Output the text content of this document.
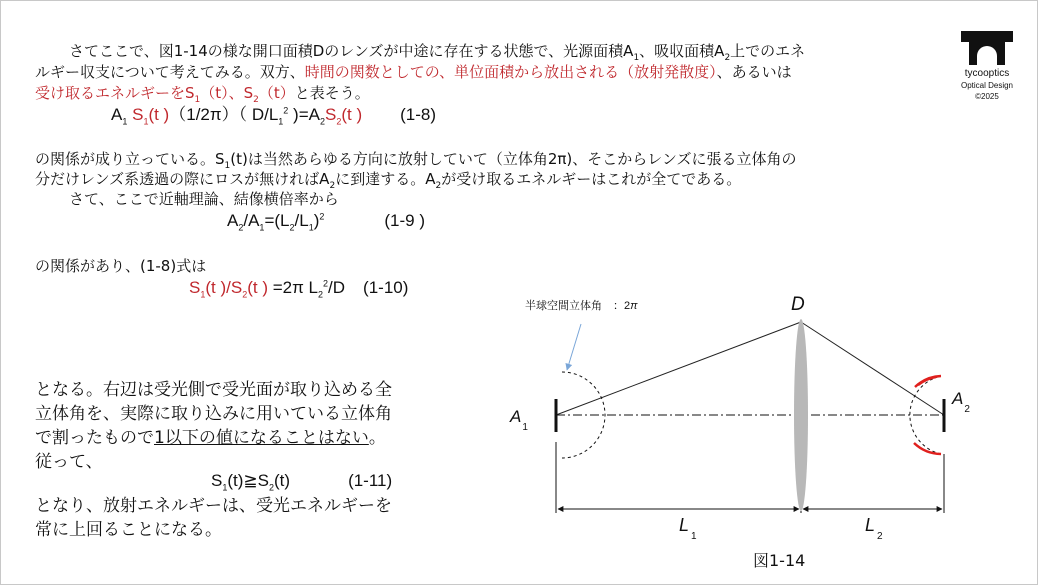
tycooptics
Optical Design
©2025
さてここで、図1-14の様な開口面積Dのレンズが中途に存在する状態で、光源面積$A_1$、吸収面積$A_2$上でのエネ
ルギー収支について考えてみる。双方、時間の関数としての、単位面積から放出される（放射発散度）、あるいは
受け取るエネルギーを$S_1(t)$、$S_2(t)$と表そう。
$A_1$ $S_1(t$ )（1/2π）（ $D/L_1^2$ )$=A_2S_2(t$ ) (1-8)
の関係が成り立っている。$S_1(t)$は当然あらゆる方向に放射していて（立体角2π)、そこからレンズに張る立体角の
分だけレンズ系透過の際にロスが無ければ$A_2$に到達する。$A_2$が受け取るエネルギーはこれが全てである。
さて、ここで近軸理論、結像横倍率から
$A_2/A_1=(L_2/L_1)^2$	(1-9 )
の関係があり、(1-8)式は
$S_1(t$ )$/S_2(t$ ) =2π $L_2^2/D$ (1-10)
となる。右辺は受光側で受光面が取り込める全
立体角を、実際に取り込みに用いている立体角
で割ったもので1以下の値になることはない。
従って、
$S_1(t)≧S_2(t)$	(1-11)
となり、放射エネルギーは、受光エネルギーを
常に上回ることになる。
半球空間立体角　：2π	D
$A_1$
$A_2$
$L_1$
$L_2$
図1-14
